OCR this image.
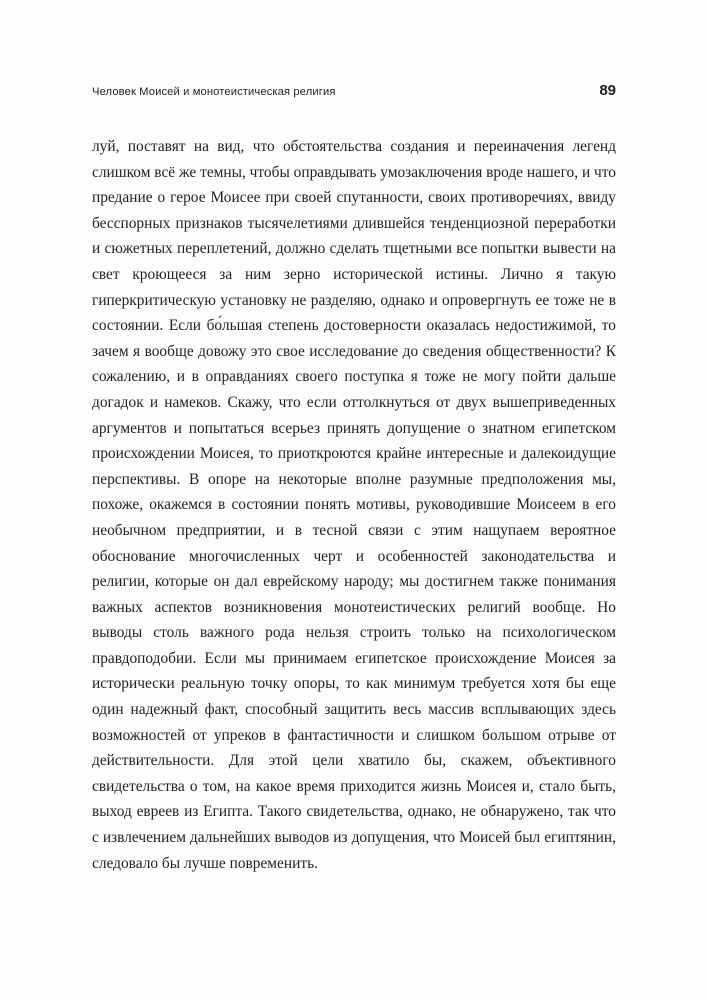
Человек Моисей и монотеистическая религия	89

луй, поставят на вид, что обстоятельства создания и переиначения легенд слишком всё же темны, чтобы оправдывать умозаключения вроде нашего, и что предание о герое Моисее при своей спутанности, своих противоречиях, ввиду бесспорных признаков тысячелетиями длившейся тенденциозной переработки и сюжетных переплетений, должно сделать тщетными все попытки вывести на свет кроющееся за ним зерно исторической истины. Лично я такую гиперкритическую установку не разделяю, однако и опровергнуть ее тоже не в состоянии. Если бо́льшая степень достоверности оказалась недостижимой, то зачем я вообще довожу это свое исследование до сведения общественности? К сожалению, и в оправданиях своего поступка я тоже не могу пойти дальше догадок и намеков. Скажу, что если оттолкнуться от двух вышеприведенных аргументов и попытаться всерьез принять допущение о знатном египетском происхождении Моисея, то приоткроются крайне интересные и далекоидущие перспективы. В опоре на некоторые вполне разумные предположения мы, похоже, окажемся в состоянии понять мотивы, руководившие Моисеем в его необычном предприятии, и в тесной связи с этим нащупаем вероятное обоснование многочисленных черт и особенностей законодательства и религии, которые он дал еврейскому народу; мы достигнем также понимания важных аспектов возникновения монотеистических религий вообще. Но выводы столь важного рода нельзя строить только на психологическом правдоподобии. Если мы принимаем египетское происхождение Моисея за исторически реальную точку опоры, то как минимум требуется хотя бы еще один надежный факт, способный защитить весь массив всплывающих здесь возможностей от упреков в фантастичности и слишком большом отрыве от действительности. Для этой цели хватило бы, скажем, объективного свидетельства о том, на какое время приходится жизнь Моисея и, стало быть, выход евреев из Египта. Такого свидетельства, однако, не обнаружено, так что с извлечением дальнейших выводов из допущения, что Моисей был египтянин, следовало бы лучше повременить.
